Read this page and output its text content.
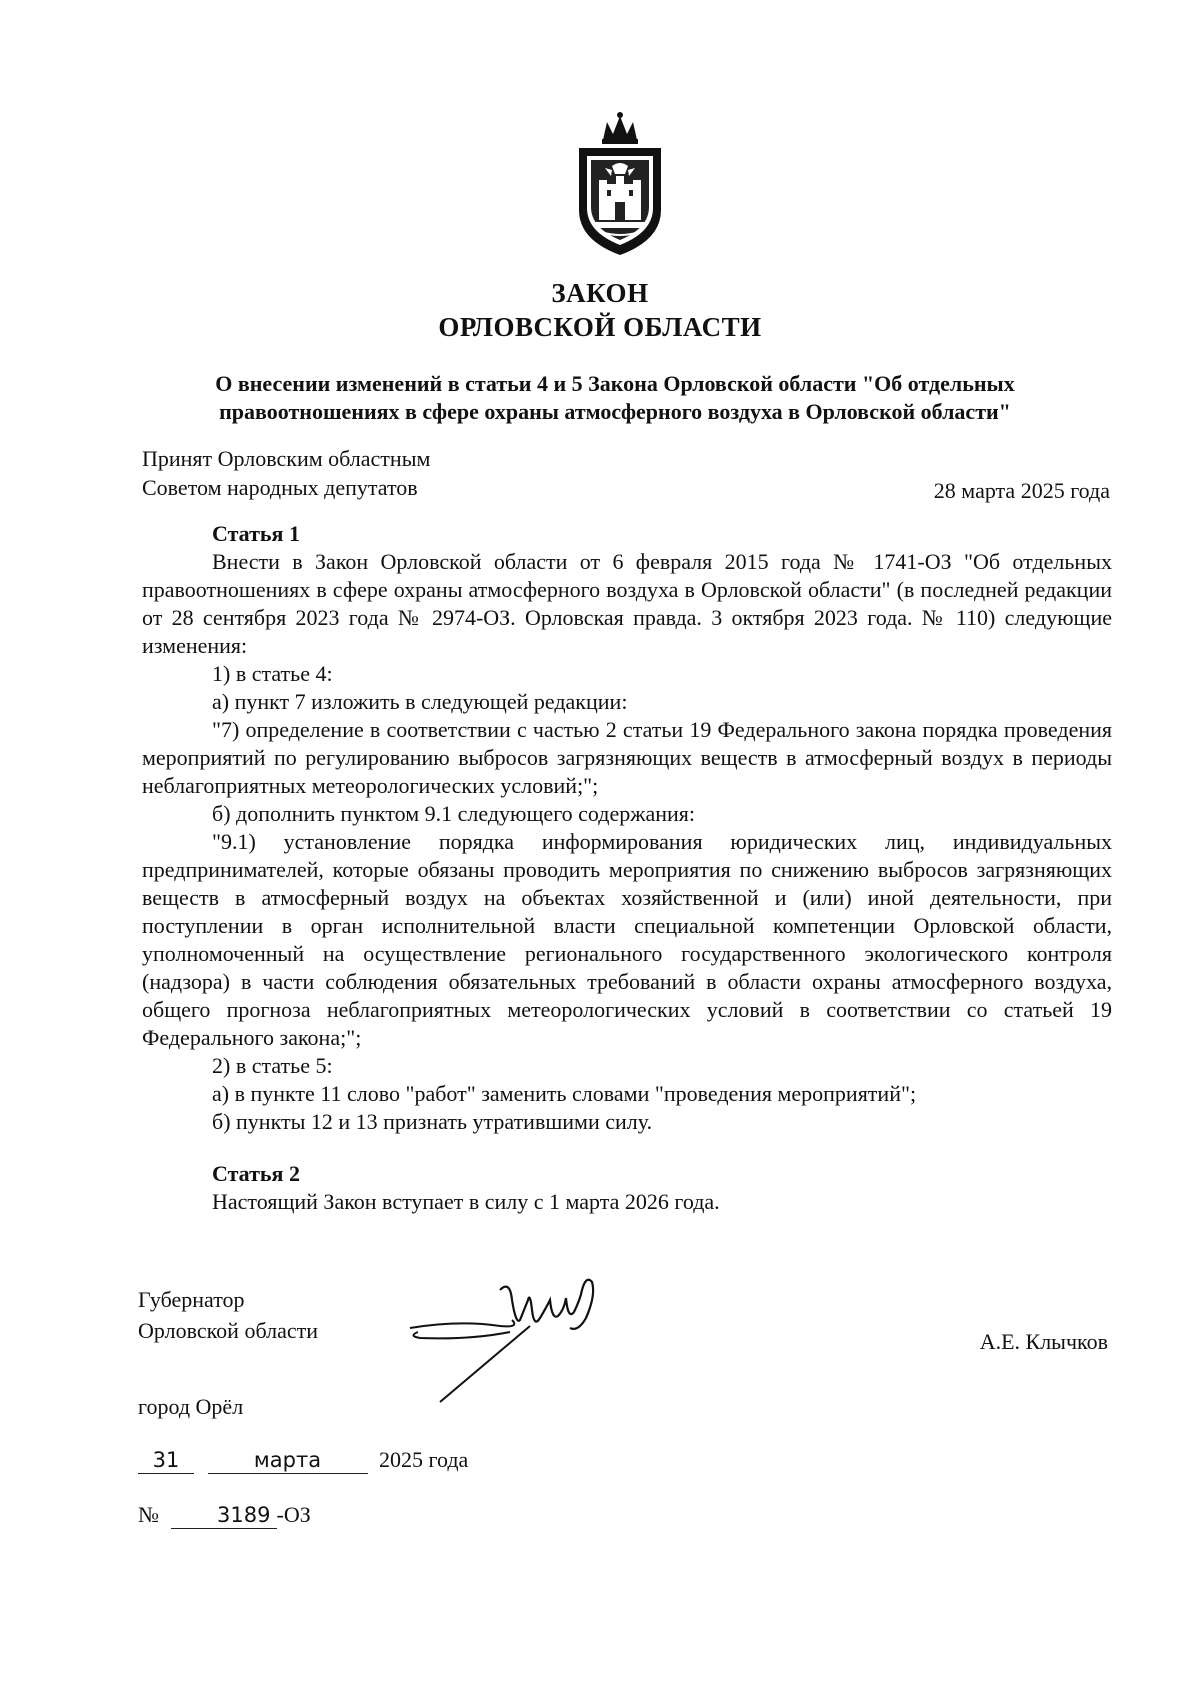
ЗАКОН
ОРЛОВСКОЙ ОБЛАСТИ
О внесении изменений в статьи 4 и 5 Закона Орловской области "Об отдельных правоотношениях в сфере охраны атмосферного воздуха в Орловской области"
Принят Орловским областным
Советом народных депутатов	28 марта 2025 года

Статья 1

Внести в Закон Орловской области от 6 февраля 2015 года № 1741-ОЗ "Об отдельных правоотношениях в сфере охраны атмосферного воздуха в Орловской области" (в последней редакции от 28 сентября 2023 года № 2974-ОЗ. Орловская правда. 3 октября 2023 года. № 110) следующие изменения:

1) в статье 4:

а) пункт 7 изложить в следующей редакции:

"7) определение в соответствии с частью 2 статьи 19 Федерального закона порядка проведения мероприятий по регулированию выбросов загрязняющих веществ в атмосферный воздух в периоды неблагоприятных метеорологических условий;";

б) дополнить пунктом 9.1 следующего содержания:

"9.1) установление порядка информирования юридических лиц, индивидуальных предпринимателей, которые обязаны проводить мероприятия по снижению выбросов загрязняющих веществ в атмосферный воздух на объектах хозяйственной и (или) иной деятельности, при поступлении в орган исполнительной власти специальной компетенции Орловской области, уполномоченный на осуществление регионального государственного экологического контроля (надзора) в части соблюдения обязательных требований в области охраны атмосферного воздуха, общего прогноза неблагоприятных метеорологических условий в соответствии со статьей 19 Федерального закона;";

2) в статье 5:

а) в пункте 11 слово "работ" заменить словами "проведения мероприятий";

б) пункты 12 и 13 признать утратившими силу.

Статья 2

Настоящий Закон вступает в силу с 1 марта 2026 года.

Губернатор
Орловской области	А.Е. Клычков
город Орёл
31	марта	2025 года
№	3189 -ОЗ
